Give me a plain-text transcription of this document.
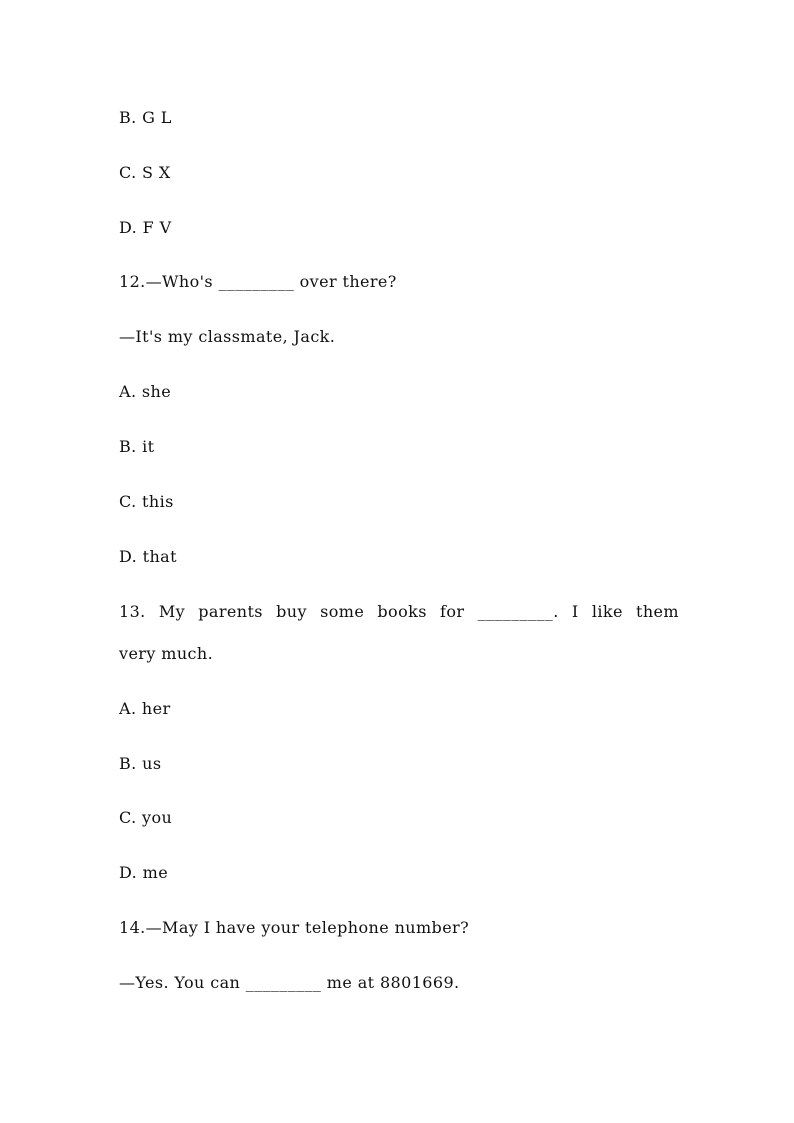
B. G L
C. S X
D. F V
12.—Who's _________ over there?
—It's my classmate, Jack.
A. she
B. it
C. this
D. that
13. My parents buy some books for _________. I like them
very much.
A. her
B. us
C. you
D. me
14.—May I have your telephone number?
—Yes. You can _________ me at 8801669.
